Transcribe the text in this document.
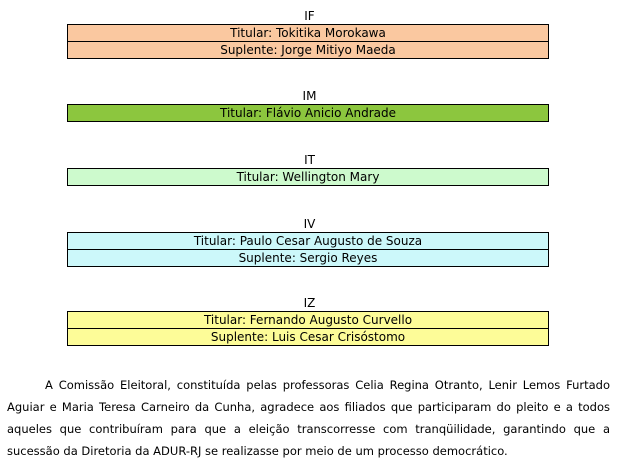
IF
Titular: Tokitika Morokawa
Suplente: Jorge Mitiyo Maeda
IM
Titular: Flávio Anicio Andrade
IT
Titular: Wellington Mary
IV
Titular: Paulo Cesar Augusto de Souza
Suplente: Sergio Reyes
IZ
Titular: Fernando Augusto Curvello
Suplente: Luis Cesar Crisóstomo
A Comissão Eleitoral, constituída pelas professoras Celia Regina Otranto, Lenir Lemos Furtado Aguiar e Maria Teresa Carneiro da Cunha, agradece aos filiados que participaram do pleito e a todos aqueles que contribuíram para que a eleição transcorresse com tranqüilidade, garantindo que a sucessão da Diretoria da ADUR-RJ se realizasse por meio de um processo democrático.
